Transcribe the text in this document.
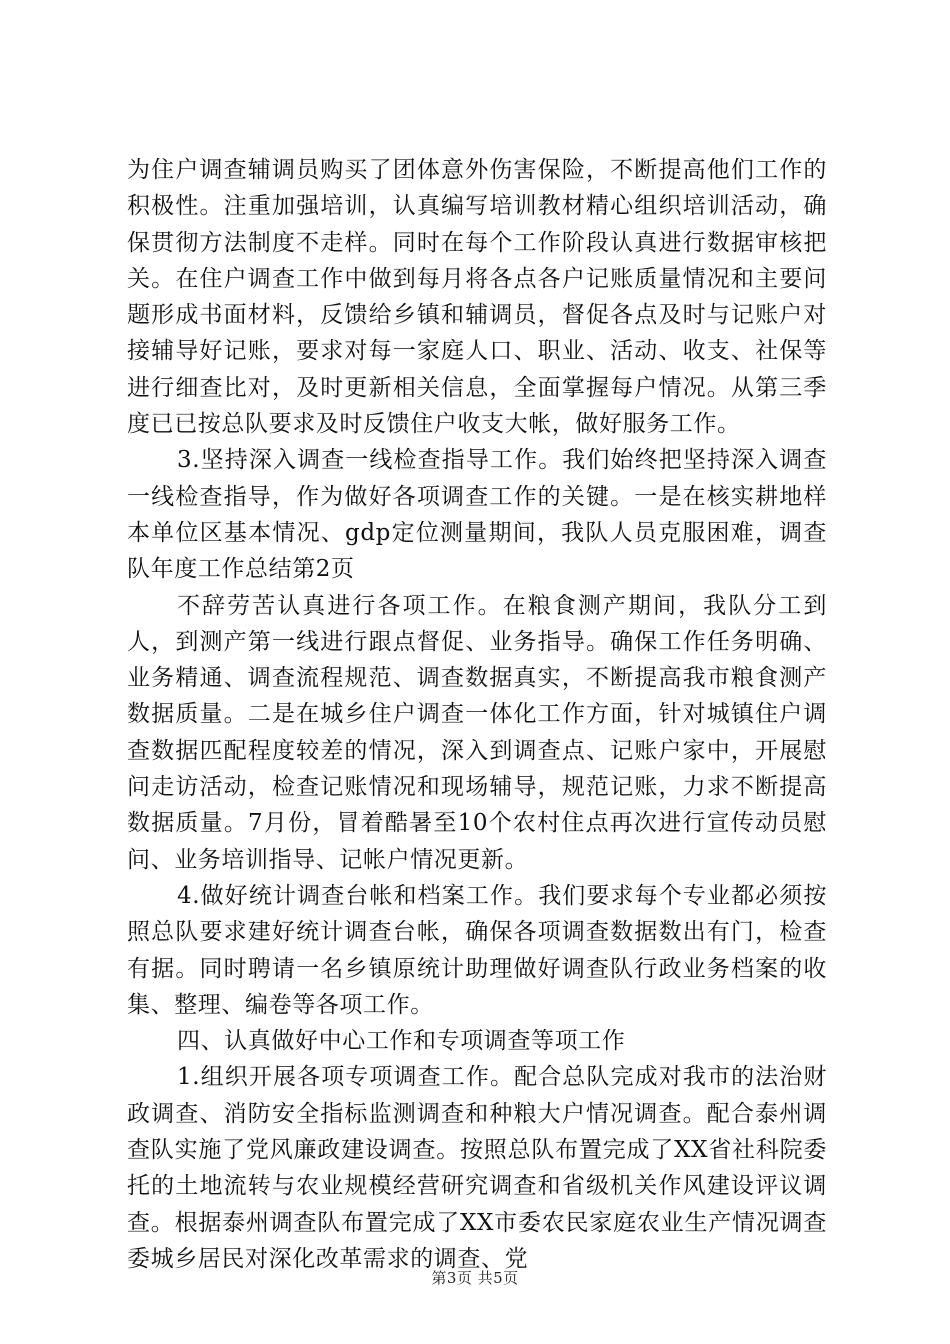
为住户调查辅调员购买了团体意外伤害保险，不断提高他们工作的积极性。注重加强培训，认真编写培训教材精心组织培训活动，确保贯彻方法制度不走样。同时在每个工作阶段认真进行数据审核把关。在住户调查工作中做到每月将各点各户记账质量情况和主要问题形成书面材料，反馈给乡镇和辅调员，督促各点及时与记账户对接辅导好记账，要求对每一家庭人口、职业、活动、收支、社保等进行细查比对，及时更新相关信息，全面掌握每户情况。从第三季度已已按总队要求及时反馈住户收支大帐，做好服务工作。

3.坚持深入调查一线检查指导工作。我们始终把坚持深入调查一线检查指导，作为做好各项调查工作的关键。一是在核实耕地样本单位区基本情况、gdp定位测量期间，我队人员克服困难，调查队年度工作总结第2页

不辞劳苦认真进行各项工作。在粮食测产期间，我队分工到人，到测产第一线进行跟点督促、业务指导。确保工作任务明确、业务精通、调查流程规范、调查数据真实，不断提高我市粮食测产数据质量。二是在城乡住户调查一体化工作方面，针对城镇住户调查数据匹配程度较差的情况，深入到调查点、记账户家中，开展慰问走访活动，检查记账情况和现场辅导，规范记账，力求不断提高数据质量。7月份，冒着酷暑至10个农村住点再次进行宣传动员慰问、业务培训指导、记帐户情况更新。

4.做好统计调查台帐和档案工作。我们要求每个专业都必须按照总队要求建好统计调查台帐，确保各项调查数据数出有门，检查有据。同时聘请一名乡镇原统计助理做好调查队行政业务档案的收集、整理、编卷等各项工作。

四、认真做好中心工作和专项调查等项工作

1.组织开展各项专项调查工作。配合总队完成对我市的法治财政调查、消防安全指标监测调查和种粮大户情况调查。配合泰州调查队实施了党风廉政建设调查。按照总队布置完成了XX省社科院委托的土地流转与农业规模经营研究调查和省级机关作风建设评议调查。根据泰州调查队布置完成了XX市委农民家庭农业生产情况调查委城乡居民对深化改革需求的调查、党

第3页 共5页
